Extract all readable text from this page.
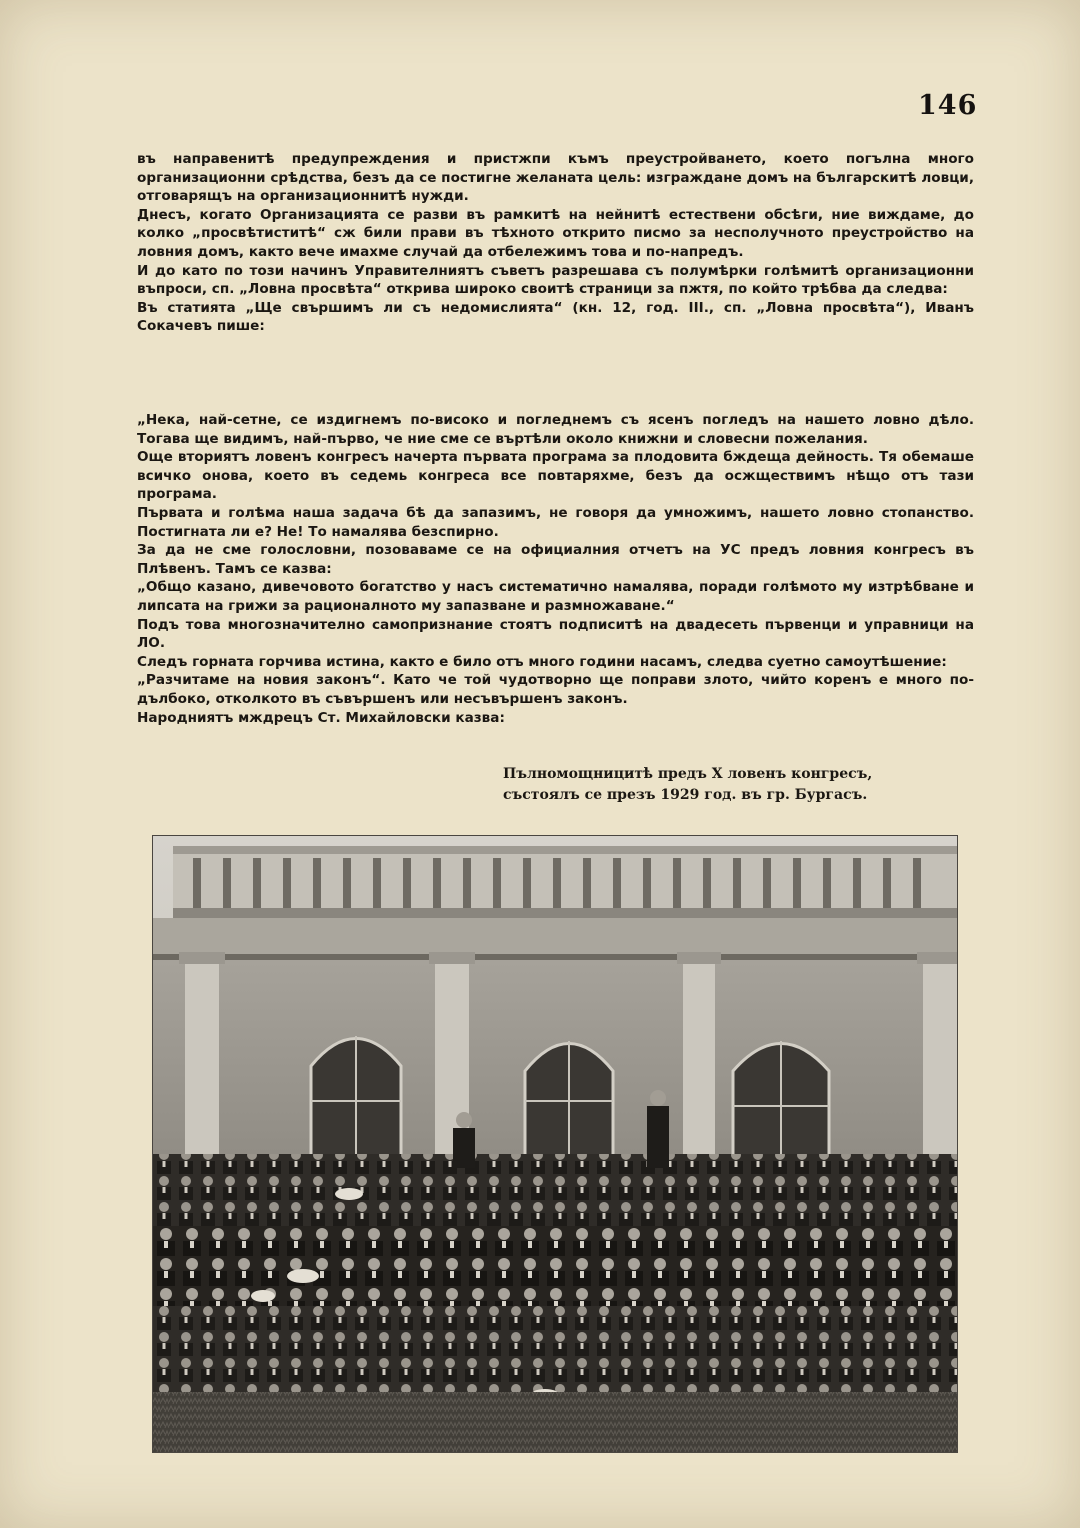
146
въ направенитѣ предупреждения и пристжпи къмъ преустройването, което погълна много организационни срѣдства, безъ да се постигне желаната цель: изграждане домъ на българскитѣ ловци, отговарящъ на организационнитѣ нужди.
Днесъ, когато Организацията се разви въ рамкитѣ на нейнитѣ естествени обсѣги, ние виждаме, до колко „просвѣтиститѣ“ сж били прави въ тѣхното открито писмо за несполучното преустройство на ловния домъ, както вече имахме случай да отбележимъ това и по-напредъ.
И до като по този начинъ Управителниятъ съветъ разрешава съ полумѣрки голѣмитѣ организационни въпроси, сп. „Ловна просвѣта“ открива широко своитѣ страници за пжтя, по който трѣбва да следва:
Въ статията „Ще свършимъ ли съ недомислията“ (кн. 12, год. III., сп. „Ловна просвѣта“), Иванъ Сокачевъ пише:
„Нека, най-сетне, се издигнемъ по-високо и погледнемъ съ ясенъ погледъ на нашето ловно дѣло. Тогава ще видимъ, най-първо, че ние сме се въртѣли около книжни и словесни пожелания.
Още вториятъ ловенъ конгресъ начерта първата програма за плодовита бждеща дейность. Тя обемаше всичко онова, което въ седемь конгреса все повтаряхме, безъ да осжществимъ нѣщо отъ тази програма.
Първата и голѣма наша задача бѣ да запазимъ, не говоря да умножимъ, нашето ловно стопанство. Постигната ли е? Не! То намалява безспирно.
За да не сме голословни, позоваваме се на официалния отчетъ на УС предъ ловния конгресъ въ Плѣвенъ. Тамъ се казва:
„Общо казано, дивечовото богатство у насъ систематично намалява, поради голѣмото му изтрѣбване и липсата на грижи за рационалното му запазване и размножаване.“
Подъ това многозначително самопризнание стоятъ подписитѣ на двадесеть първенци и управници на ЛО.
Следъ горната горчива истина, както е било отъ много години насамъ, следва суетно самоутѣшение:
„Разчитаме на новия законъ“. Като че той чудотворно ще поправи злото, чийто коренъ е много по-дълбоко, отколкото въ съвършенъ или несъвършенъ законъ.
Народниятъ мждрецъ Ст. Михайловски казва:
Пълномощницитѣ предъ X ловенъ конгресъ,
състоялъ се презъ 1929 год. въ гр. Бургасъ.
